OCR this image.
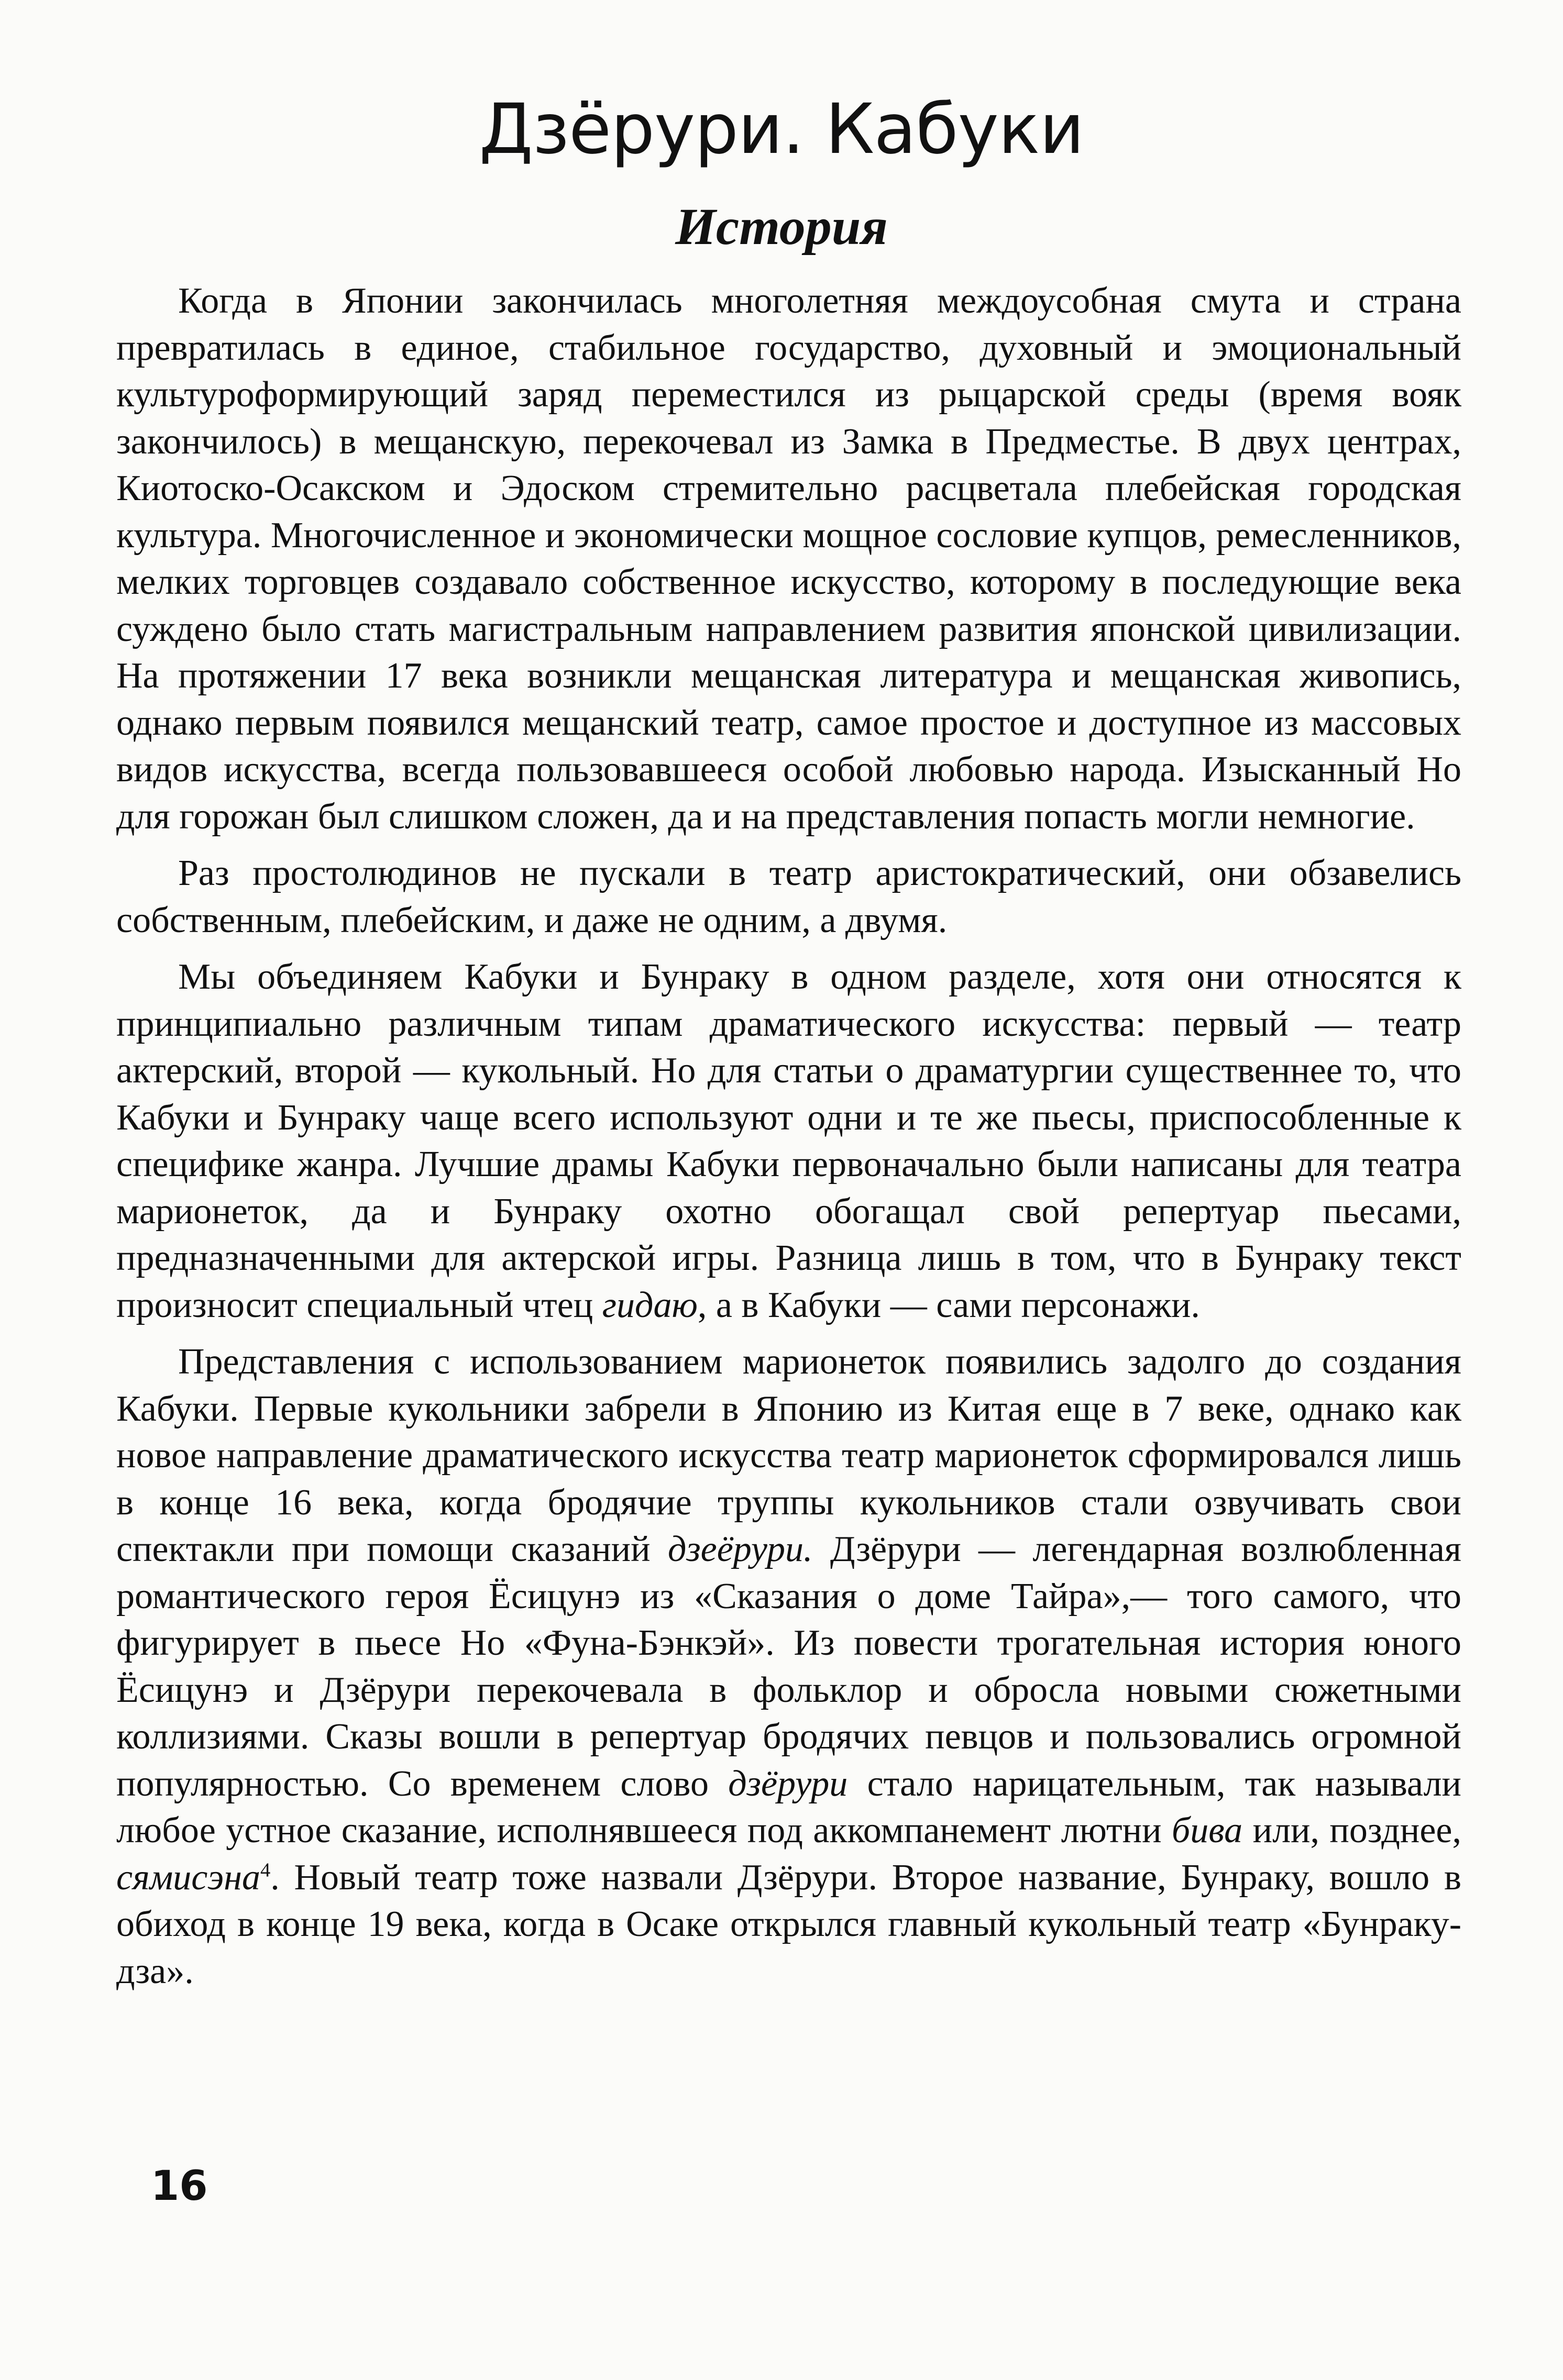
Дзёрури. Кабуки
История

Когда в Японии закончилась многолетняя междоусобная смута и страна превратилась в единое, стабильное государство, духовный и эмоциональный культуроформирующий заряд переместился из рыцарской среды (время вояк закончилось) в мещанскую, перекочевал из Замка в Предместье. В двух центрах, Киотоско-Осакском и Эдоском стремительно расцветала плебейская городская культура. Многочисленное и экономически мощное сословие купцов, ремесленников, мелких торговцев создавало собственное искусство, которому в последующие века суждено было стать магистральным направлением развития японской цивилизации. На протяжении 17 века возникли мещанская литература и мещанская живопись, однако первым появился мещанский театр, самое простое и доступное из массовых видов искусства, всегда пользовавшееся особой любовью народа. Изысканный Но для горожан был слишком сложен, да и на представления попасть могли немногие.

Раз простолюдинов не пускали в театр аристократический, они обзавелись собственным, плебейским, и даже не одним, а двумя.

Мы объединяем Кабуки и Бунраку в одном разделе, хотя они относятся к принципиально различным типам драматического искусства: первый — театр актерский, второй — кукольный. Но для статьи о драматургии существеннее то, что Кабуки и Бунраку чаще всего используют одни и те же пьесы, приспособленные к специфике жанра. Лучшие драмы Кабуки первоначально были написаны для театра марионеток, да и Бунраку охотно обогащал свой репертуар пьесами, предназначенными для актерской игры. Разница лишь в том, что в Бунраку текст произносит специальный чтец гидаю, а в Кабуки — сами персонажи.

Представления с использованием марионеток появились задолго до создания Кабуки. Первые кукольники забрели в Японию из Китая еще в 7 веке, однако как новое направление драматического искусства театр марионеток сформировался лишь в конце 16 века, когда бродячие труппы кукольников стали озвучивать свои спектакли при помощи сказаний дзеёрури. Дзёрури — легендарная возлюбленная романтического героя Ёсицунэ из «Сказания о доме Тайра»,— того самого, что фигурирует в пьесе Но «Фуна-Бэнкэй». Из повести трогательная история юного Ёсицунэ и Дзёрури перекочевала в фольклор и обросла новыми сюжетными коллизиями. Сказы вошли в репертуар бродячих певцов и пользовались огромной популярностью. Со временем слово дзёрури стало нарицательным, так называли любое устное сказание, исполнявшееся под аккомпанемент лютни бива или, позднее, сямисэна$^4$. Новый театр тоже назвали Дзёрури. Второе название, Бунраку, вошло в обиход в конце 19 века, когда в Осаке открылся главный кукольный театр «Бунраку-дза».

16
